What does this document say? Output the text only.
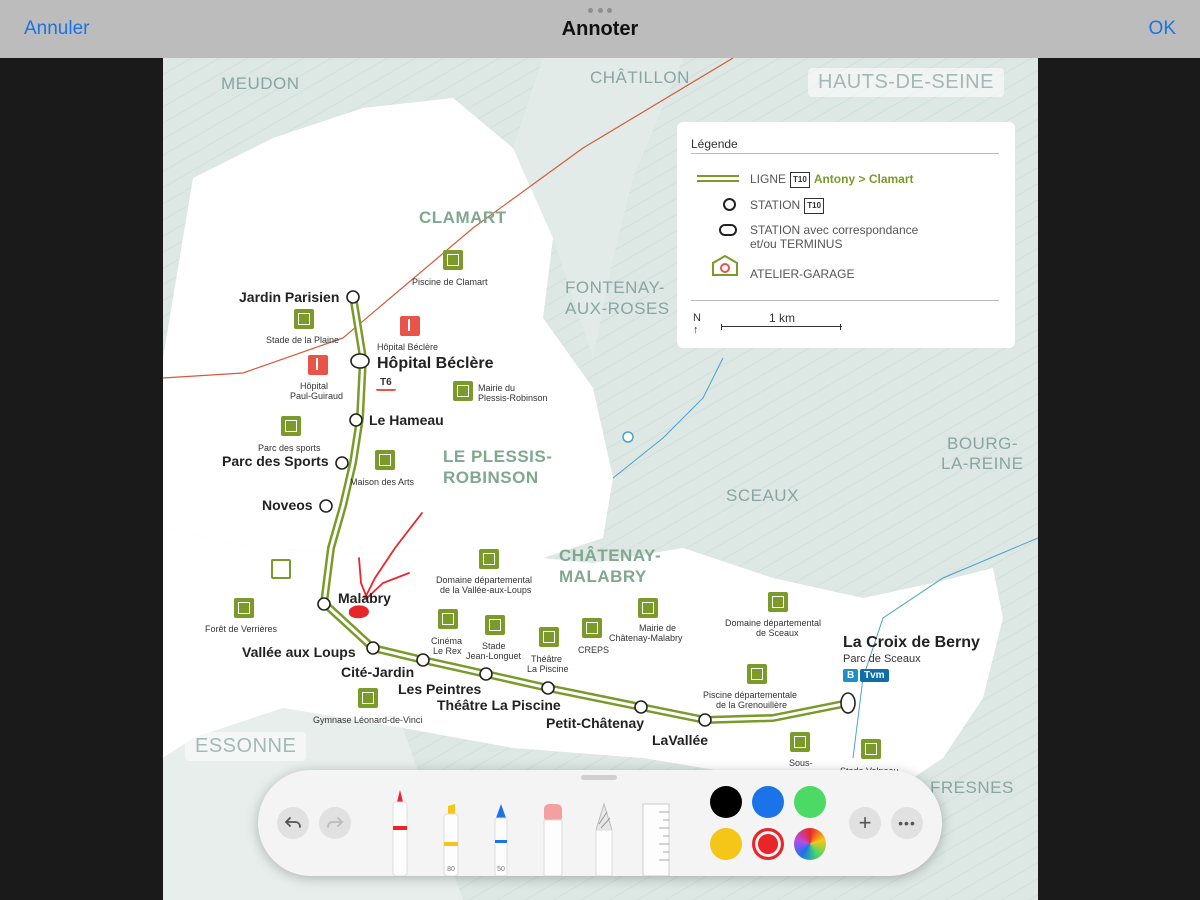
Annuler	Annoter	OK
HAUTS-DE-SEINE
ESSONNE
MEUDON	CHÂTILLON
CLAMART
FONTENAY-
AUX-ROSES
LE PLESSIS-
ROBINSON
SCEAUX
BOURG-
LA-REINE
CHÂTENAY-
MALABRY
FRESNES
Jardin Parisien
Hôpital Béclère
T6
Le Hameau
Parc des Sports
Noveos
Malabry
Vallée aux Loups
Cité-Jardin
Les Peintres
Théâtre La Piscine
Petit-Châtenay
LaVallée
La Croix de Berny
Parc de Sceaux
B Tvm
Piscine de Clamart
Stade de la Plaine
Hôpital Béclère
Hôpital
Paul-Guiraud
Mairie du
Plessis-Robinson
Parc des sports
Maison des Arts
Domaine départemental
de la Vallée-aux-Loups
Forêt de Verrières
Cinéma
Le Rex Stade
Jean-Longuet Théâtre
La Piscine
CREPS
Mairie de
Châtenay-Malabry
Domaine départemental
de Sceaux
Piscine départementale
de la Grenouillère
Gymnase Léonard-de-Vinci
Sous-
Légende
LIGNE T10 Antony > Clamart
STATION T10
STATION avec correspondance
et/ou TERMINUS
ATELIER-GARAGE
N
↑
1 km
80	50
+ •••
